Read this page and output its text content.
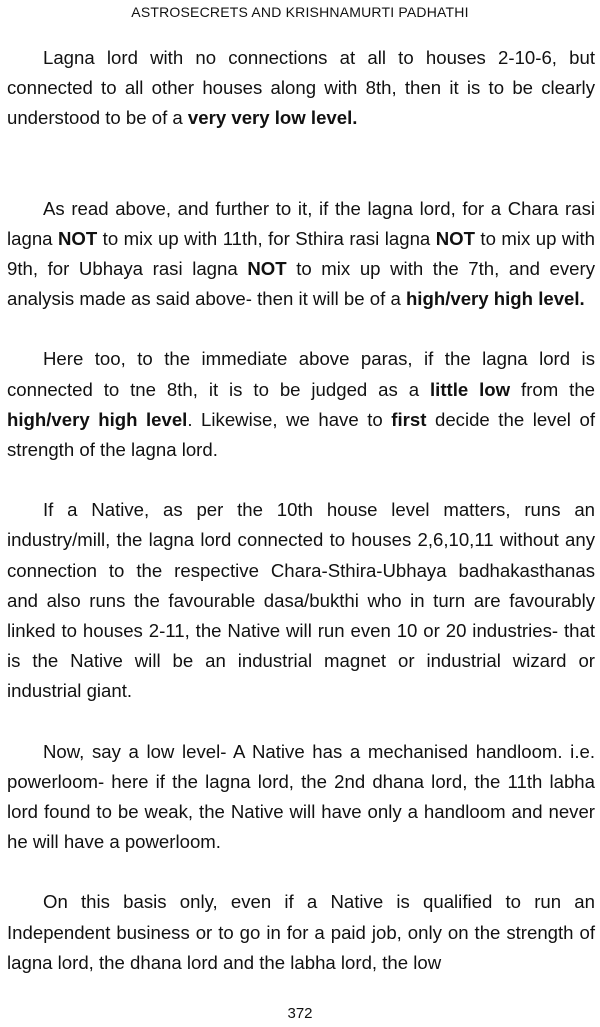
ASTROSECRETS AND KRISHNAMURTI PADHATHI

Lagna lord with no connections at all to houses 2-10-6, but connected to all other houses along with 8th, then it is to be clearly understood to be of a very very low level.

As read above, and further to it, if the lagna lord, for a Chara rasi lagna NOT to mix up with 11th, for Sthira rasi lagna NOT to mix up with 9th, for Ubhaya rasi lagna NOT to mix up with the 7th, and every analysis made as said above- then it will be of a high/very high level.

Here too, to the immediate above paras, if the lagna lord is connected to tne 8th, it is to be judged as a little low from the high/very high level. Likewise, we have to first decide the level of strength of the lagna lord.

If a Native, as per the 10th house level matters, runs an industry/mill, the lagna lord connected to houses 2,6,10,11 without any connection to the respective Chara-Sthira-Ubhaya badhakasthanas and also runs the favourable dasa/bukthi who in turn are favourably linked to houses 2-11, the Native will run even 10 or 20 industries- that is the Native will be an industrial magnet or industrial wizard or industrial giant.

Now, say a low level- A Native has a mechanised handloom. i.e. powerloom- here if the lagna lord, the 2nd dhana lord, the 11th labha lord found to be weak, the Native will have only a handloom and never he will have a powerloom.

On this basis only, even if a Native is qualified to run an Independent business or to go in for a paid job, only on the strength of lagna lord, the dhana lord and the labha lord, the low

372
